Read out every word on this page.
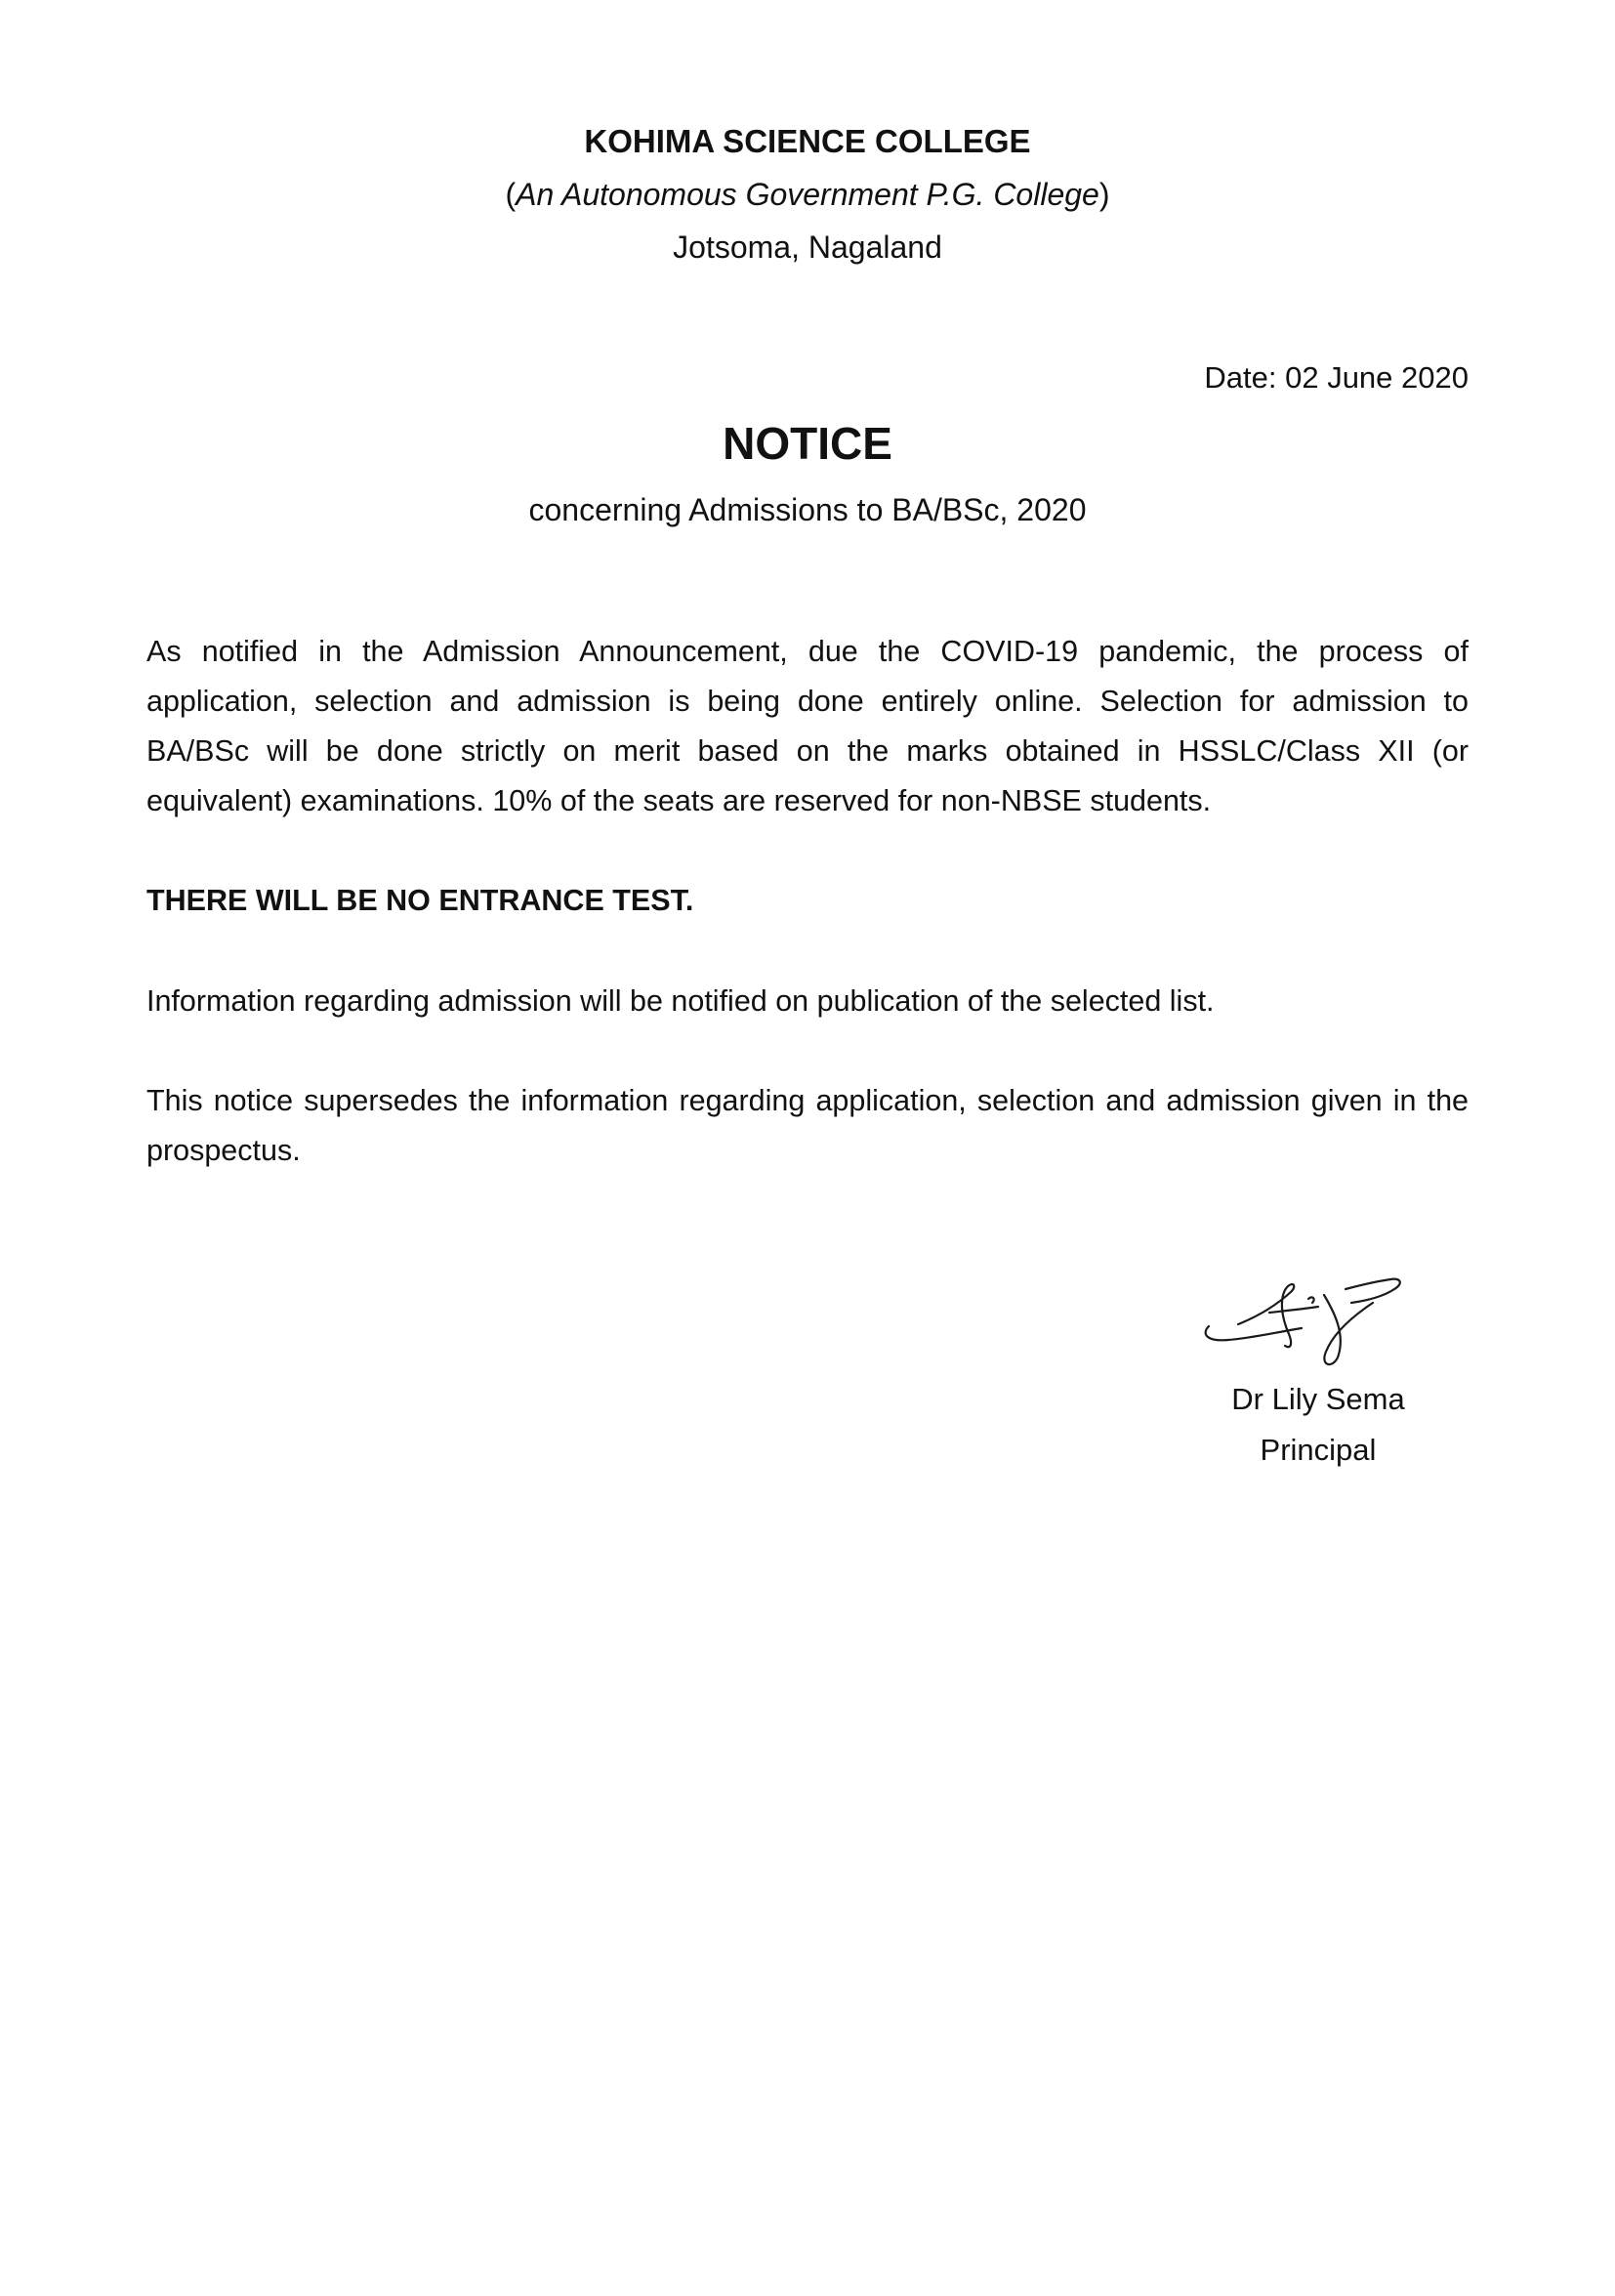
KOHIMA SCIENCE COLLEGE
(An Autonomous Government P.G. College)
Jotsoma, Nagaland
Date: 02 June 2020
NOTICE
concerning Admissions to BA/BSc, 2020

As notified in the Admission Announcement, due the COVID-19 pandemic, the process of application, selection and admission is being done entirely online. Selection for admission to BA/BSc will be done strictly on merit based on the marks obtained in HSSLC/Class XII (or equivalent) examinations. 10% of the seats are reserved for non-NBSE students.

THERE WILL BE NO ENTRANCE TEST.

Information regarding admission will be notified on publication of the selected list.

This notice supersedes the information regarding application, selection and admission given in the prospectus.

Dr Lily Sema
Principal
